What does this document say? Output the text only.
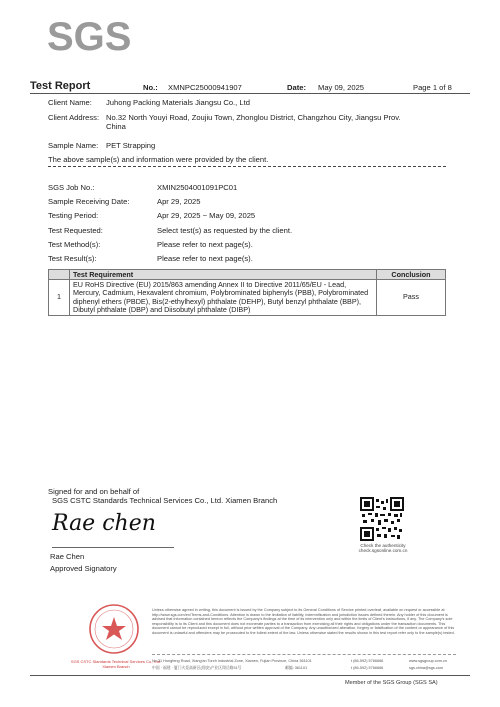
SGS
Test Report	No.: XMNPC25000941907	Date: May 09, 2025	Page 1 of 8
Client Name: Juhong Packing Materials Jiangsu Co., Ltd
Client Address: No.32 North Youyi Road, Zoujiu Town, Zhonglou District, Changzhou City, Jiangsu Prov.
China
Sample Name: PET Strapping
The above sample(s) and information were provided by the client.
SGS Job No.:	XMIN2504001091PC01
Sample Receiving Date:	Apr 29, 2025
Testing Period:	Apr 29, 2025 ~ May 09, 2025
Test Requested:	Select test(s) as requested by the client.
Test Method(s):	Please refer to next page(s).
Test Result(s):	Please refer to next page(s).
	Test Requirement	Conclusion
1	EU RoHS Directive (EU) 2015/863 amending Annex II to Directive 2011/65/EU - Lead, Mercury, Cadmium, Hexavalent chromium, Polybrominated biphenyls (PBB), Polybrominated diphenyl ethers (PBDE), Bis(2-ethylhexyl) phthalate (DEHP), Butyl benzyl phthalate (BBP), Dibutyl phthalate (DBP) and Diisobutyl phthalate (DIBP)	Pass
Signed for and on behalf of
SGS CSTC Standards Technical Services Co., Ltd. Xiamen Branch
Rae chen
Rae Chen
Approved Signatory
Check the authenticity
check.sgsonline.com.cn
SGS CSTC Standards Technical Services Co., Ltd. Xiamen Branch
Unless otherwise agreed in writing, this document is issued by the Company subject to its General Conditions of Service printed overleaf, available on request or accessible at http://www.sgs.com/en/Terms-and-Conditions. Attention is drawn to the limitation of liability, indemnification and jurisdiction issues defined therein. Any holder of this document is advised that information contained hereon reflects the Company's findings at the time of its intervention only and within the limits of Client's instructions, if any. The Company's sole responsibility is to its Client and this document does not exonerate parties to a transaction from exercising all their rights and obligations under the transaction documents. This document cannot be reproduced except in full, without prior written approval of the Company. Any unauthorized alteration, forgery or falsification of the content or appearance of this document is unlawful and offenders may be prosecuted to the fullest extent of the law. Unless otherwise stated the results shown in this test report refer only to the sample(s) tested.
No.31 Hongfeng Road, Xiang'an Torch Industrial Zone, Xiamen, Fujian Province, China 361101
中国 · 福建 · 厦门火炬高新区(翔安)产业区翔岳路31号	邮编: 361101
t (86-592) 5766666
t (86-592) 5766666
www.sgsgroup.com.cn
sgs.china@sgs.com
Member of the SGS Group (SGS SA)
